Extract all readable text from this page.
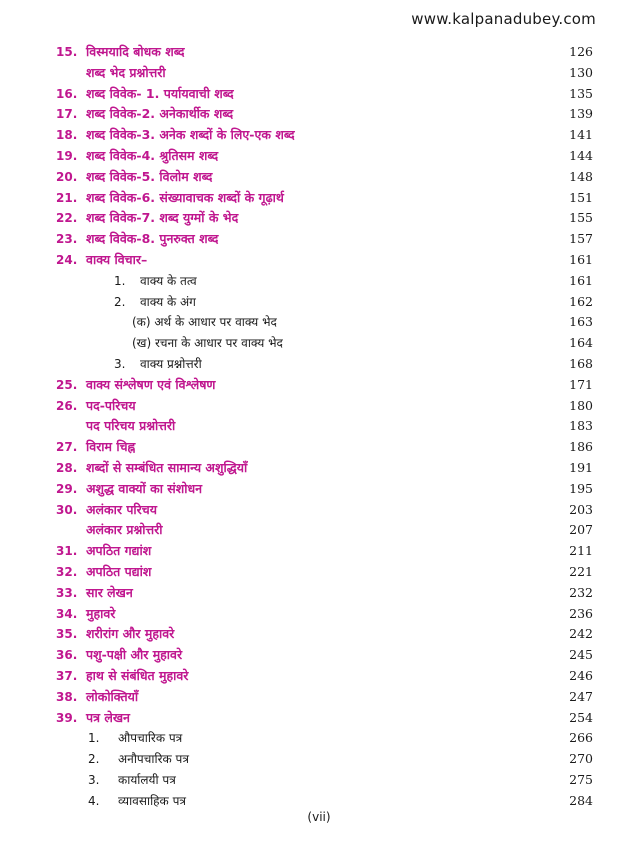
www.kalpanadubey.com
15. विस्मयादि बोधक शब्द	126
शब्द भेद प्रश्नोत्तरी	130
16. शब्द विवेक- 1. पर्यायवाची शब्द	135
17. शब्द विवेक-2. अनेकार्थीक शब्द	139
18. शब्द विवेक-3. अनेक शब्दों के लिए-एक शब्द	141
19. शब्द विवेक-4. श्रुतिसम शब्द	144
20. शब्द विवेक-5. विलोम शब्द	148
21. शब्द विवेक-6. संख्यावाचक शब्दों के गूढ़ार्थ	151
22. शब्द विवेक-7. शब्द युग्मों के भेद	155
23. शब्द विवेक-8. पुनरुक्त शब्द	157
24. वाक्य विचार–	161
1.	वाक्य के तत्व	161
2.	वाक्य के अंग	162
(क) अर्थ के आधार पर वाक्य भेद	163
(ख) रचना के आधार पर वाक्य भेद	164
3.	वाक्य प्रश्नोत्तरी	168
25. वाक्य संश्लेषण एवं विश्लेषण	171
26. पद-परिचय	180
पद परिचय प्रश्नोत्तरी	183
27. विराम चिह्न	186
28. शब्दों से सम्बंधित सामान्य अशुद्धियाँ	191
29. अशुद्ध वाक्यों का संशोधन	195
30. अलंकार परिचय	203
अलंकार प्रश्नोत्तरी	207
31. अपठित गद्यांश	211
32. अपठित पद्यांश	221
33. सार लेखन	232
34. मुहावरे	236
35. शरीरांग और मुहावरे	242
36. पशु-पक्षी और मुहावरे	245
37. हाथ से संबंधित मुहावरे	246
38. लोकोक्तियाँ	247
39. पत्र लेखन	254
1.	औपचारिक पत्र	266
2.	अनौपचारिक पत्र	270
3.	कार्यालयी पत्र	275
4.	व्यावसाहिक पत्र	284
(vii)
